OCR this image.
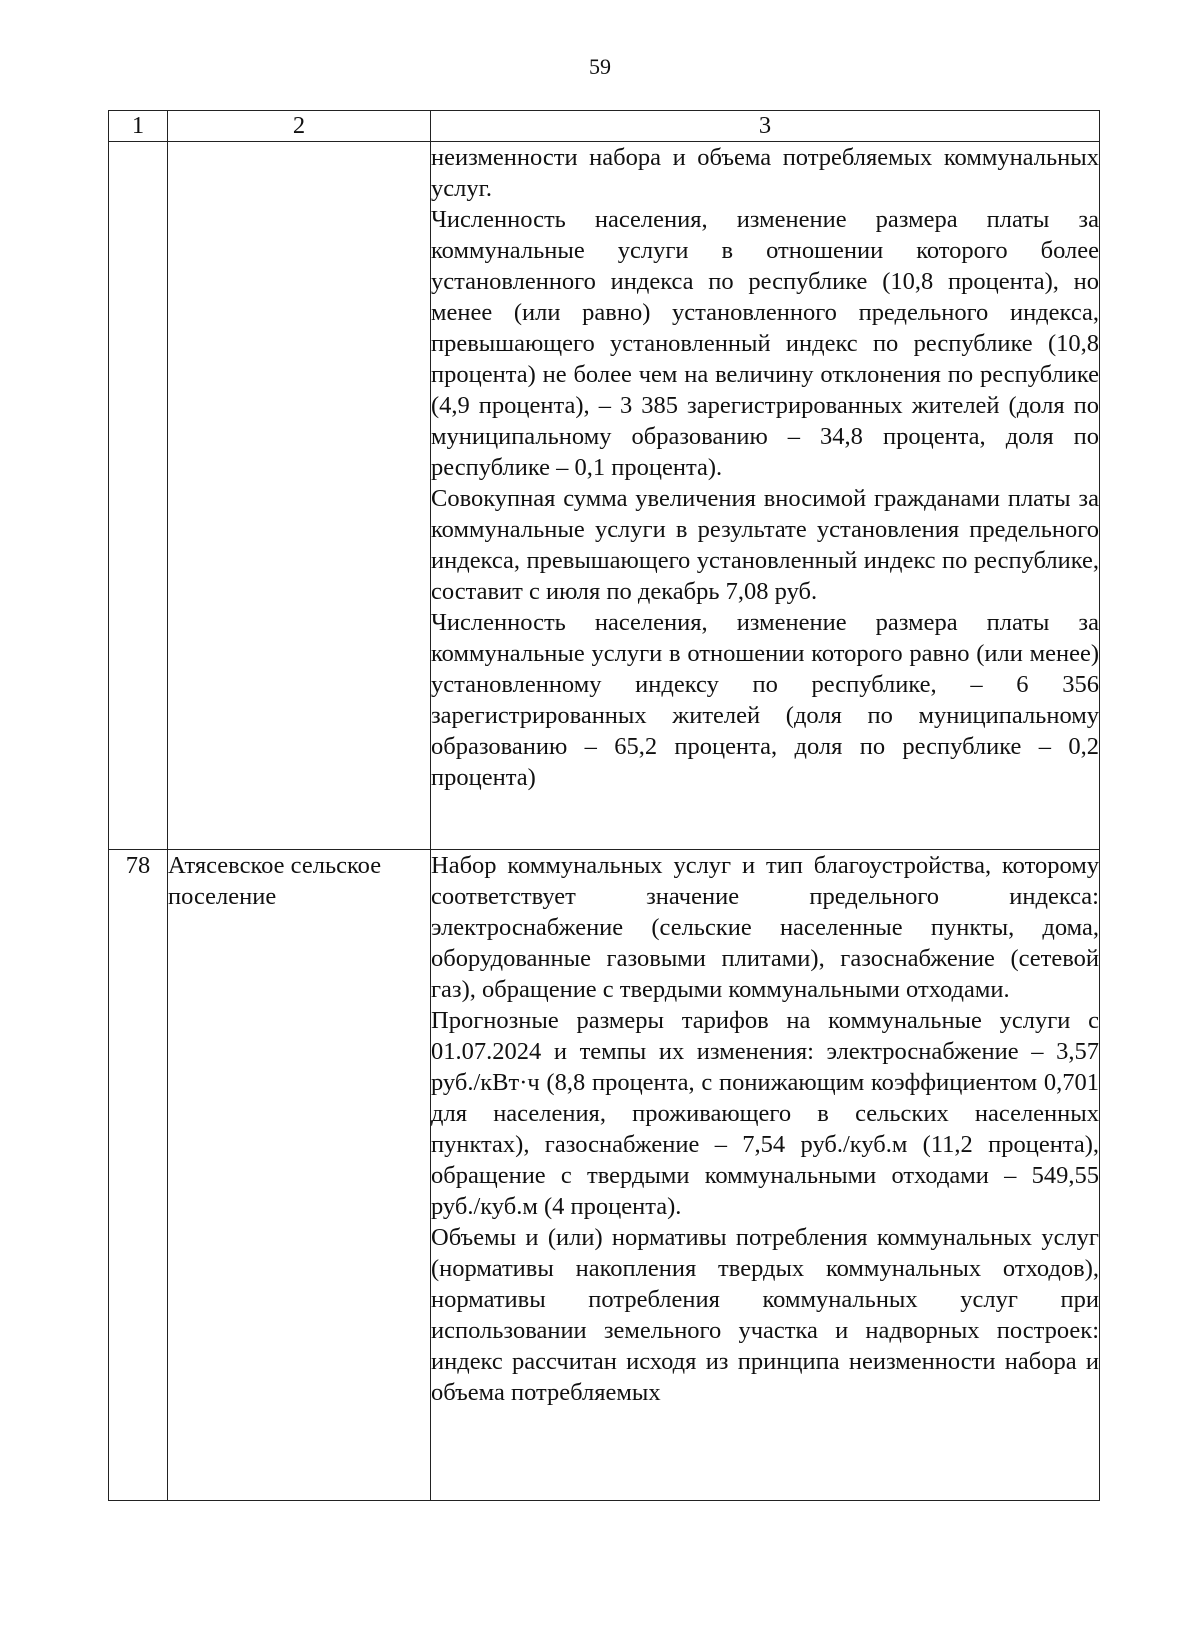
59
1	2	3

		неизменности набора и объема потребляемых коммунальных услуг.

Численность населения, изменение размера платы за коммунальные услуги в отношении которого более установленного индекса по республике (10,8 процента), но менее (или равно) установленного предельного индекса, превышающего установленный индекс по республике (10,8 процента) не более чем на величину отклонения по республике (4,9 процента), – 3 385 зарегистрированных жителей (доля по муниципальному образованию – 34,8 процента, доля по республике – 0,1 процента).

Совокупная сумма увеличения вносимой гражданами платы за коммунальные услуги в результате установления предельного индекса, превышающего установленный индекс по республике, составит с июля по декабрь 7,08 руб.

Численность населения, изменение размера платы за коммунальные услуги в отношении которого равно (или менее) установленному индексу по республике, – 6 356 зарегистрированных жителей (доля по муниципальному образованию – 65,2 процента, доля по республике – 0,2 процента)

78	Атясевское сельское поселение	Набор коммунальных услуг и тип благоустройства, которому соответствует значение предельного индекса: электроснабжение (сельские населенные пункты, дома, оборудованные газовыми плитами), газоснабжение (сетевой газ), обращение с твердыми коммунальными отходами.

Прогнозные размеры тарифов на коммунальные услуги с 01.07.2024 и темпы их изменения: электроснабжение – 3,57 руб./кВт·ч (8,8 процента, с понижающим коэффициентом 0,701 для населения, проживающего в сельских населенных пунктах), газоснабжение – 7,54 руб./куб.м (11,2 процента), обращение с твердыми коммунальными отходами – 549,55 руб./куб.м (4 процента).

Объемы и (или) нормативы потребления коммунальных услуг (нормативы накопления твердых коммунальных отходов), нормативы потребления коммунальных услуг при использовании земельного участка и надворных построек: индекс рассчитан исходя из принципа неизменности набора и объема потребляемых
